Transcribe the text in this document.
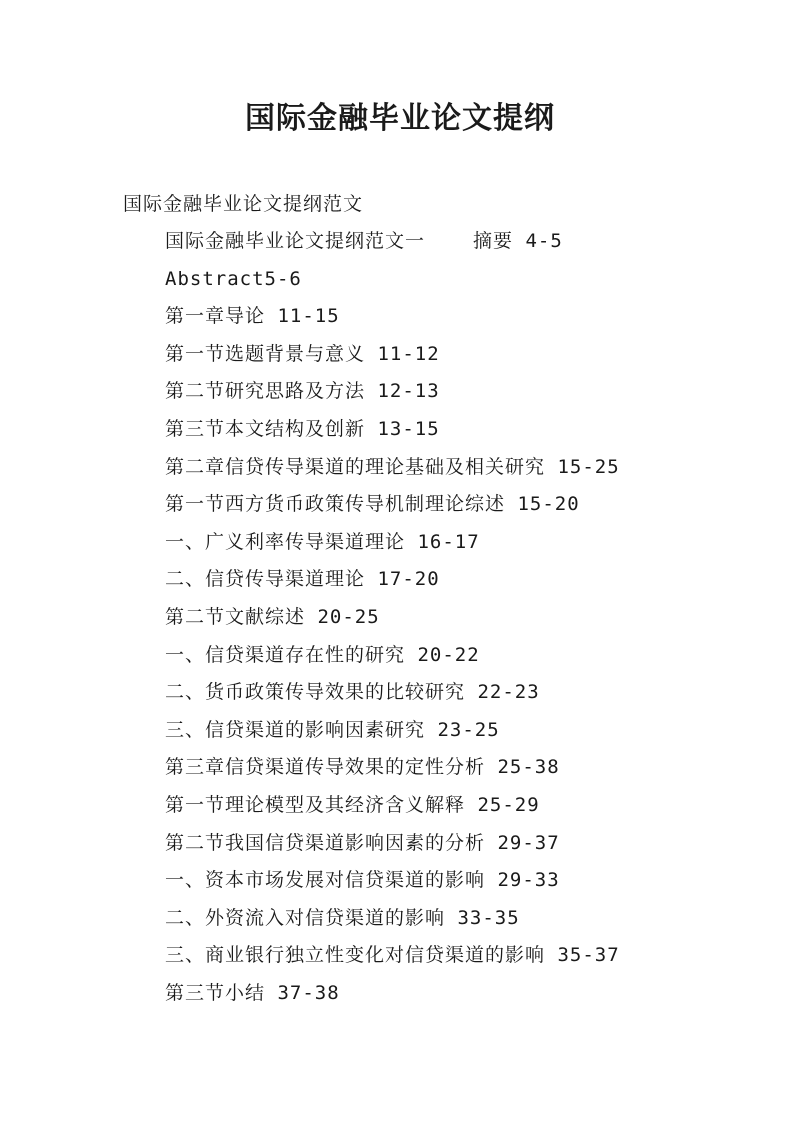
国际金融毕业论文提纲

国际金融毕业论文提纲范文

国际金融毕业论文提纲范文一	摘要 4-5
Abstract5-6
第一章导论 11-15
第一节选题背景与意义 11-12
第二节研究思路及方法 12-13
第三节本文结构及创新 13-15
第二章信贷传导渠道的理论基础及相关研究 15-25
第一节西方货币政策传导机制理论综述 15-20
一、广义利率传导渠道理论 16-17
二、信贷传导渠道理论 17-20
第二节文献综述 20-25
一、信贷渠道存在性的研究 20-22
二、货币政策传导效果的比较研究 22-23
三、信贷渠道的影响因素研究 23-25
第三章信贷渠道传导效果的定性分析 25-38
第一节理论模型及其经济含义解释 25-29
第二节我国信贷渠道影响因素的分析 29-37
一、资本市场发展对信贷渠道的影响 29-33
二、外资流入对信贷渠道的影响 33-35
三、商业银行独立性变化对信贷渠道的影响 35-37
第三节小结 37-38
